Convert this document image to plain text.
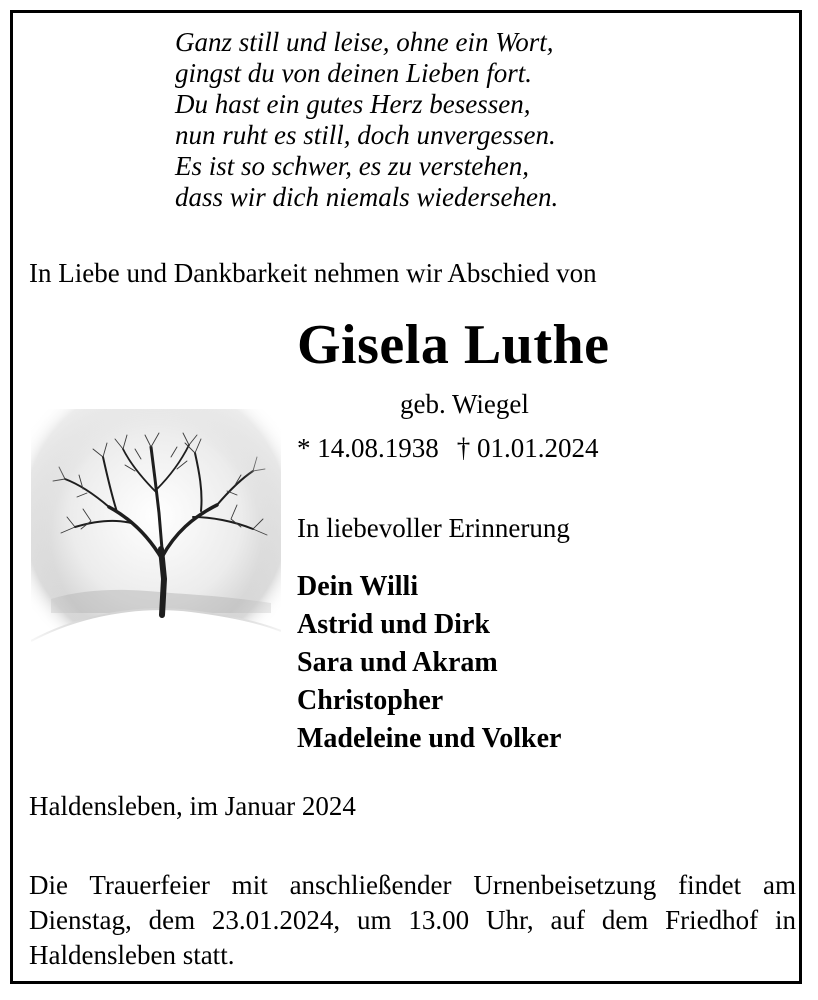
Ganz still und leise, ohne ein Wort,
gingst du von deinen Lieben fort.
Du hast ein gutes Herz besessen,
nun ruht es still, doch unvergessen.
Es ist so schwer, es zu verstehen,
dass wir dich niemals wiedersehen.
In Liebe und Dankbarkeit nehmen wir Abschied von
Gisela Luthe
geb. Wiegel
* 14.08.1938 † 01.01.2024
In liebevoller Erinnerung
Dein Willi
Astrid und Dirk
Sara und Akram
Christopher
Madeleine und Volker
Haldensleben, im Januar 2024
Die Trauerfeier mit anschließender Urnenbeisetzung findet am Dienstag, dem 23.01.2024, um 13.00 Uhr, auf dem Friedhof in Haldensleben statt.
